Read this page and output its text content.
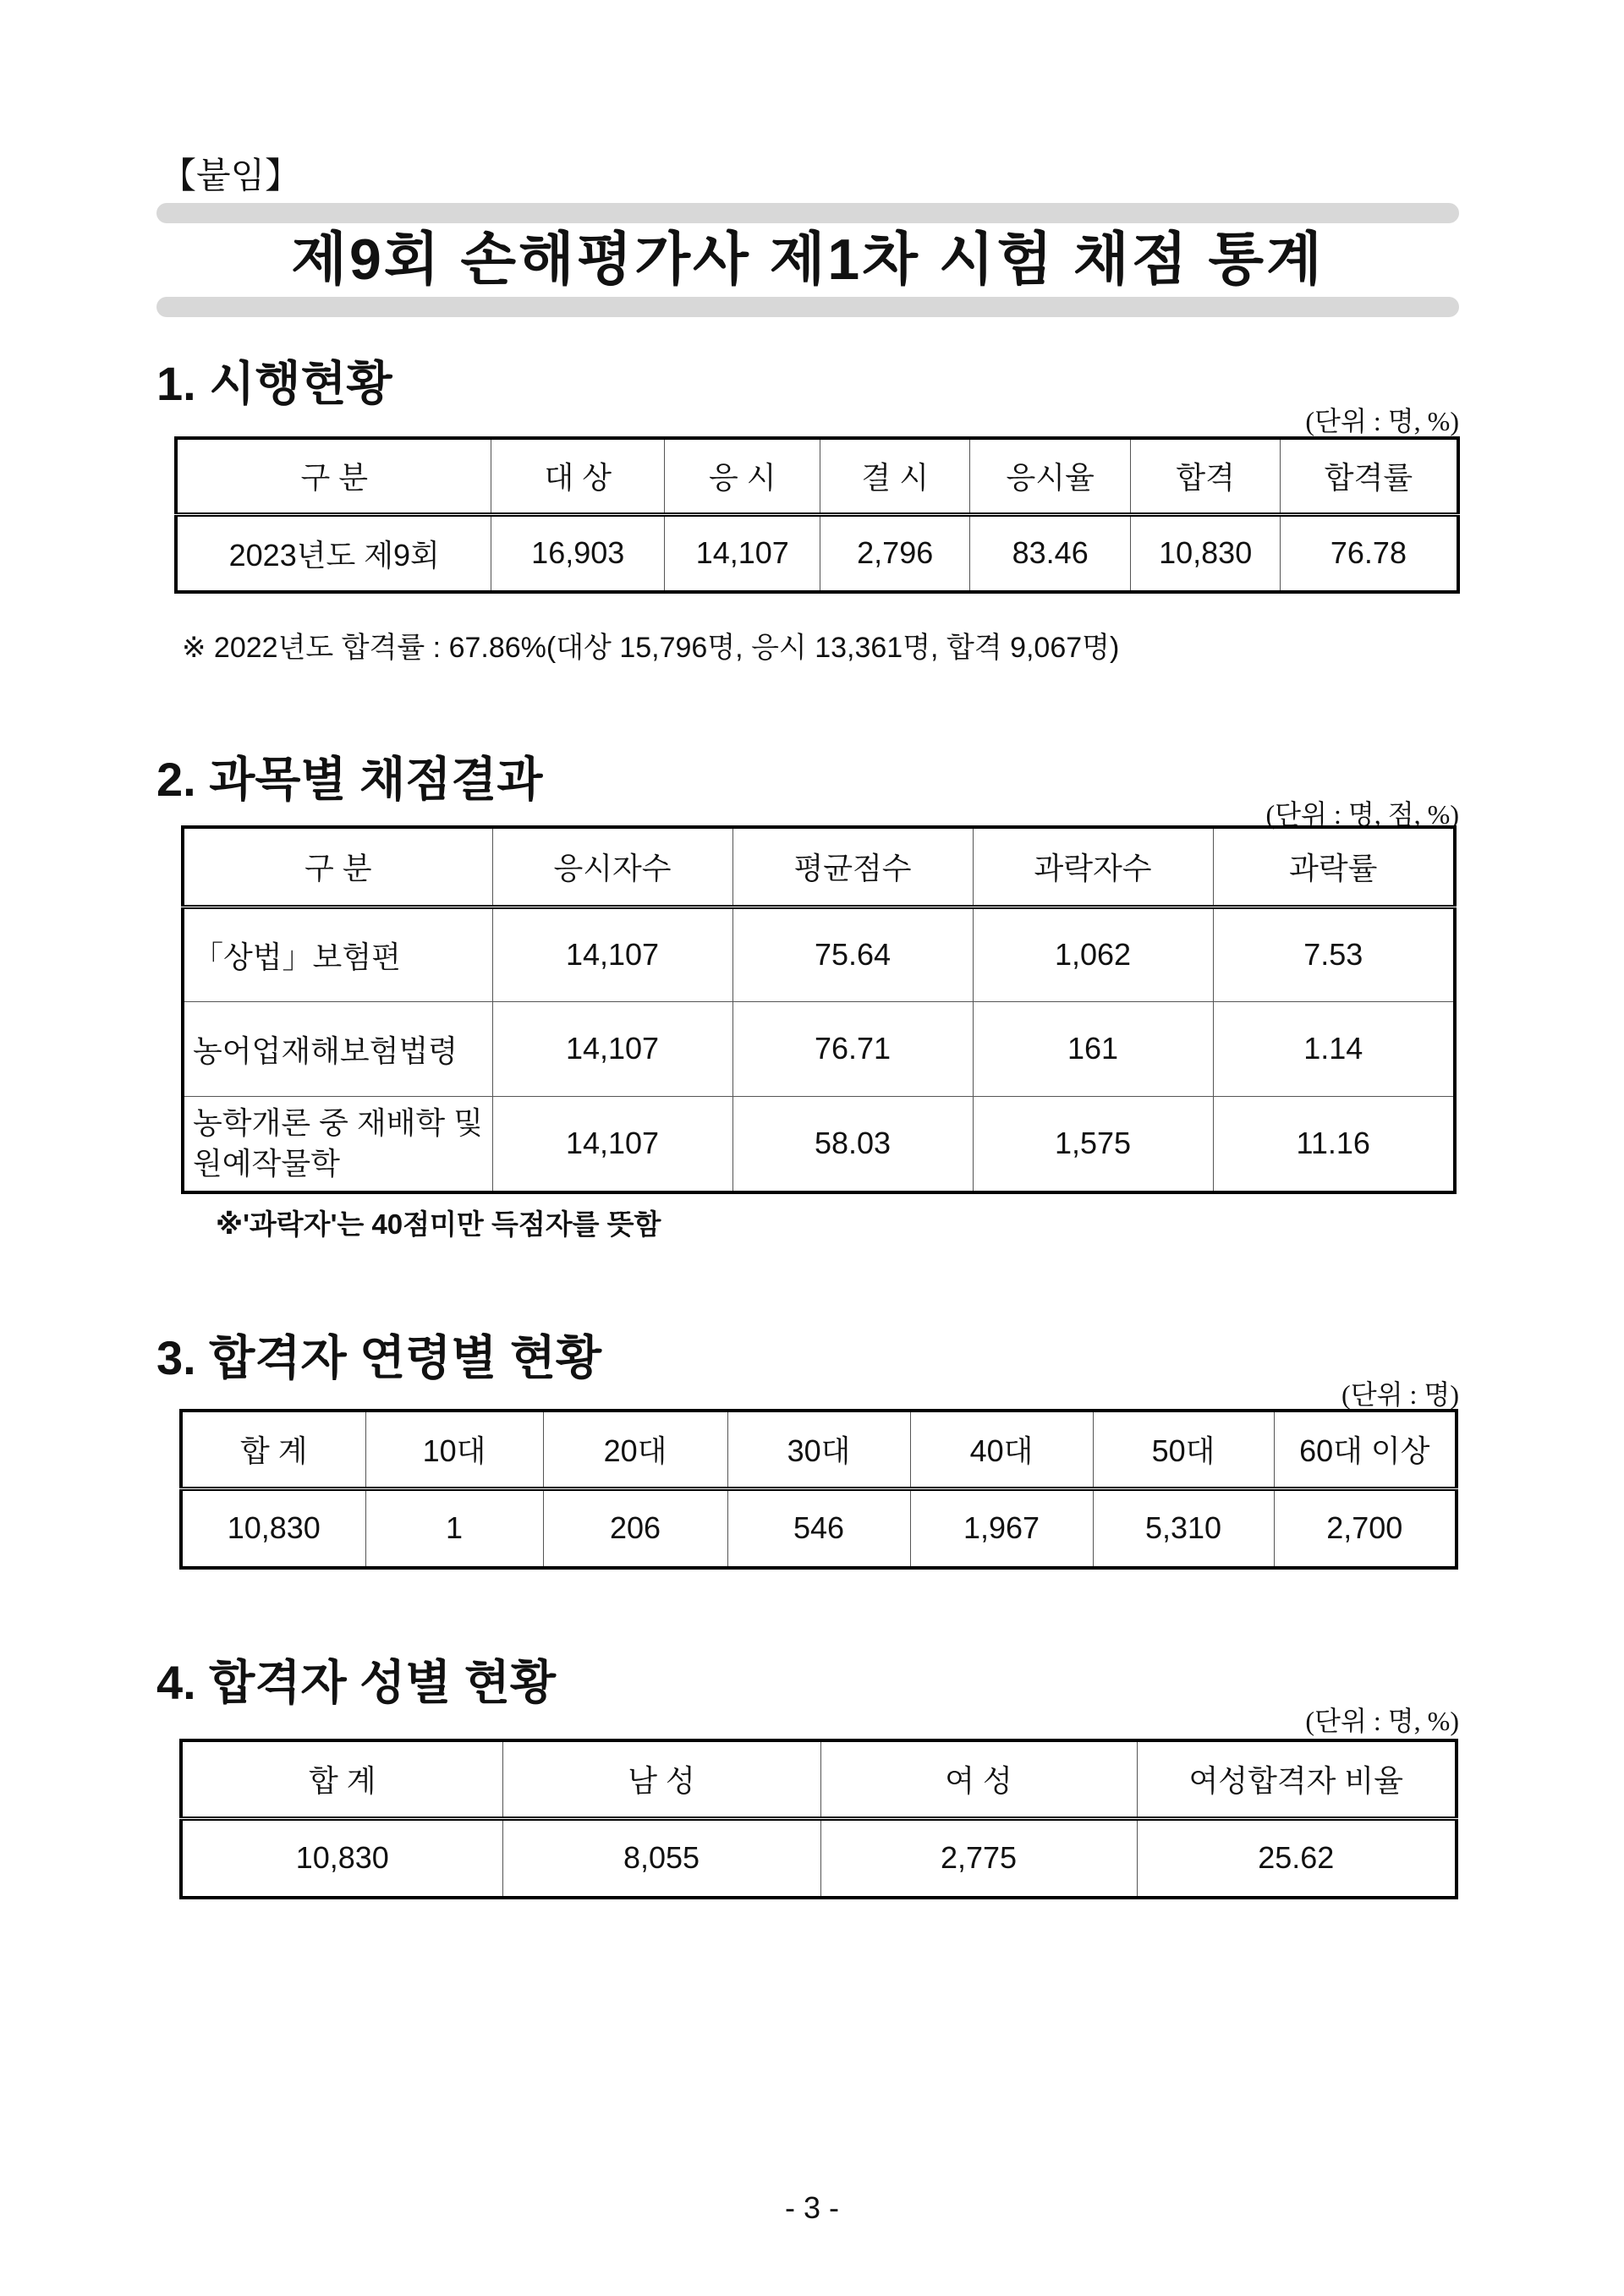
【붙임】
제9회 손해평가사 제1차 시험 채점 통계
1. 시행현황
(단위 : 명, %)
구 분	대 상	응 시	결 시	응시율	합격	합격률
2023년도 제9회	16,903	14,107	2,796	83.46	10,830	76.78
※ 2022년도 합격률 : 67.86%(대상 15,796명, 응시 13,361명, 합격 9,067명)
2. 과목별 채점결과
(단위 : 명, 점, %)
구 분	응시자수	평균점수	과락자수	과락률
「상법」보험편	14,107	75.64	1,062	7.53
농어업재해보험법령	14,107	76.71	161	1.14
농학개론 중 재배학 및 원예작물학	14,107	58.03	1,575	11.16
※'과락자'는 40점미만 득점자를 뜻함
3. 합격자 연령별 현황
(단위 : 명)
합 계	10대	20대	30대	40대	50대	60대 이상
10,830	1	206	546	1,967	5,310	2,700
4. 합격자 성별 현황
(단위 : 명, %)
합 계	남 성	여 성	여성합격자 비율
10,830	8,055	2,775	25.62
- 3 -
